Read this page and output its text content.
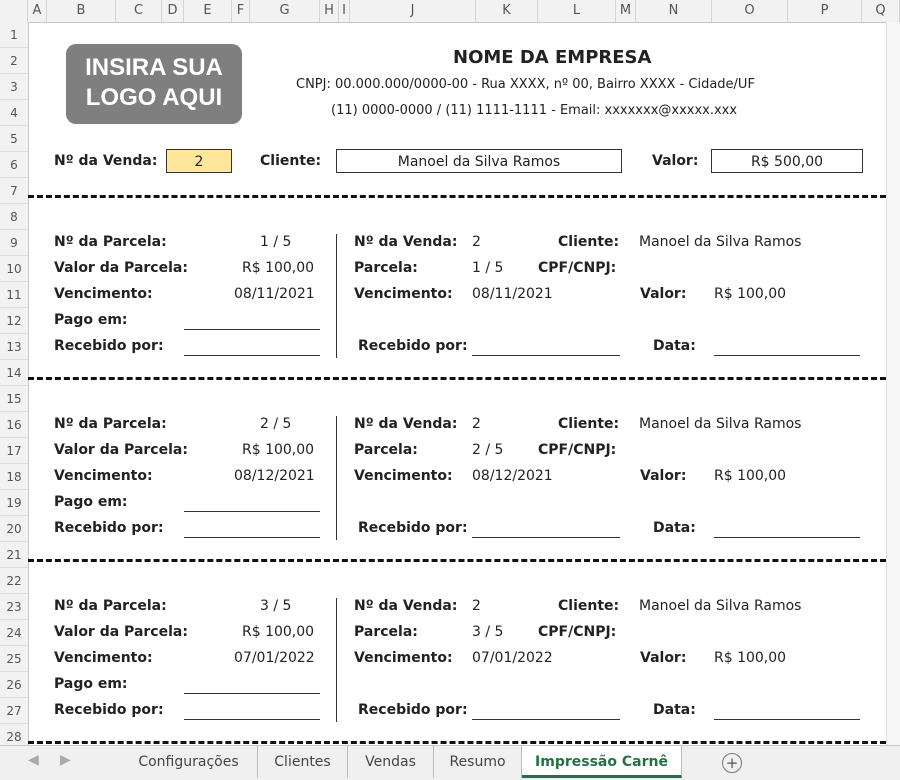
A	B	C	D	E	F	G	H I	J	K	L	M	N	O	P	Q
1
2
3
4
5
6
7
8
9
10
11
12
13
14
15
16
17
18
19
20
21
22
23
24
25
26
27
28
INSIRA SUA
LOGO AQUI
NOME DA EMPRESA
CNPJ: 00.000.000/0000-00 - Rua XXXX, nº 00, Bairro XXXX - Cidade/UF
(11) 0000-0000 / (11) 1111-1111 - Email: xxxxxxx@xxxxx.xxx
Nº da Venda:	2	Cliente:	Manoel da Silva Ramos	Valor:	R$ 500,00
Nº da Parcela:	1 / 5
Valor da Parcela:	R$ 100,00
Vencimento:	08/11/2021
Pago em:
Recebido por:
Nº da Venda: 2	Cliente: Manoel da Silva Ramos
Parcela:	1 / 5 CPF/CNPJ:
Vencimento: 08/11/2021	Valor: R$ 100,00
Recebido por:	Data:
Nº da Parcela:	2 / 5
Valor da Parcela:	R$ 100,00
Vencimento:	08/12/2021
Pago em:
Recebido por:
Nº da Venda: 2	Cliente: Manoel da Silva Ramos
Parcela:	2 / 5 CPF/CNPJ:
Vencimento: 08/12/2021	Valor: R$ 100,00
Recebido por:	Data:
Nº da Parcela:	3 / 5
Valor da Parcela:	R$ 100,00
Vencimento:	07/01/2022
Pago em:
Recebido por:
Nº da Venda: 2	Cliente: Manoel da Silva Ramos
Parcela:	3 / 5 CPF/CNPJ:
Vencimento: 07/01/2022	Valor: R$ 100,00
Recebido por:	Data:
◀ ▶	Configurações	Clientes	Vendas	Resumo	Impressão Carnê	+
